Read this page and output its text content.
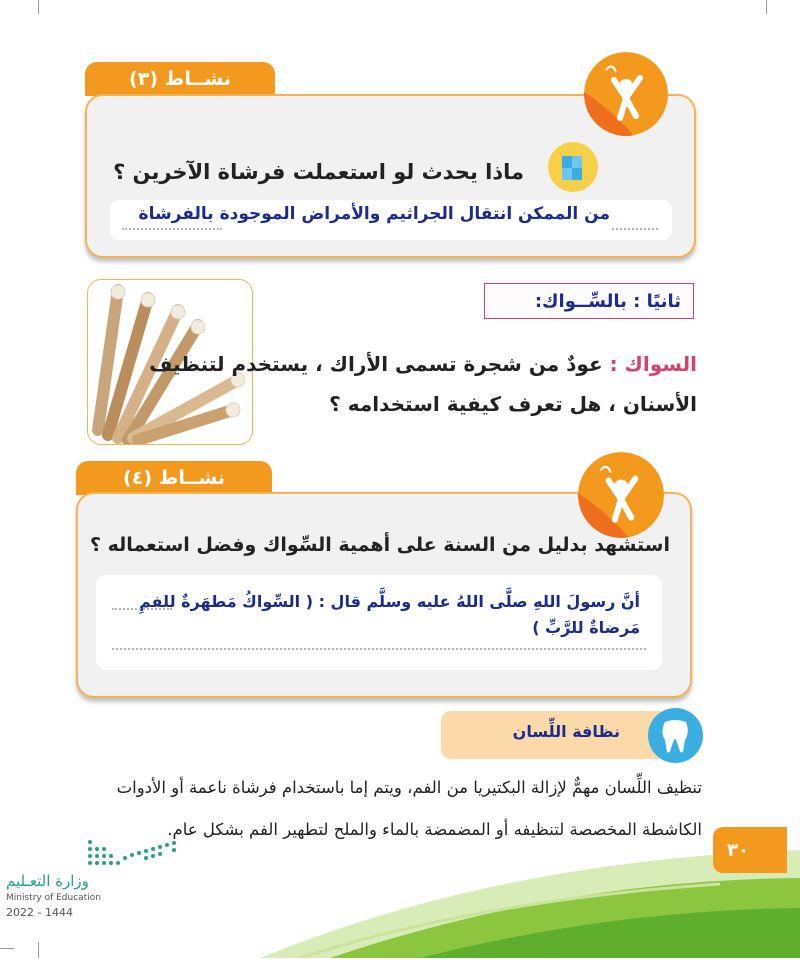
نشــاط (٣)
ماذا يحدث لو استعملت فرشاة الآخرين ؟
من الممكن انتقال الجراثيم والأمراض الموجودة بالفرشاة
ثانيًا : بالسِّــواك:
السواك : عودٌ من شجرة تسمى الأراك ، يستخدم لتنظيف
الأسنان ، هل تعرف كيفية استخدامه ؟
نشــاط (٤)
استشهد بدليل من السنة على أهمية السِّواك وفضل استعماله ؟
أنَّ رسولَ اللهِ صلَّى اللهُ عليه وسلَّم قال : ( السِّواكُ مَطهَرةٌ للفمِ
مَرضاةٌ للرَّبِّ )
نظافة اللِّسان
تنظيف اللِّسان مهمٌّ لإزالة البكتيريا من الفم، ويتم إما باستخدام فرشاة ناعمة أو الأدوات
الكاشطة المخصصة لتنظيفه أو المضمضة بالماء والملح لتطهير الفم بشكل عام.
٣٠
وزارة التعـليم
Ministry of Education
2022 - 1444
